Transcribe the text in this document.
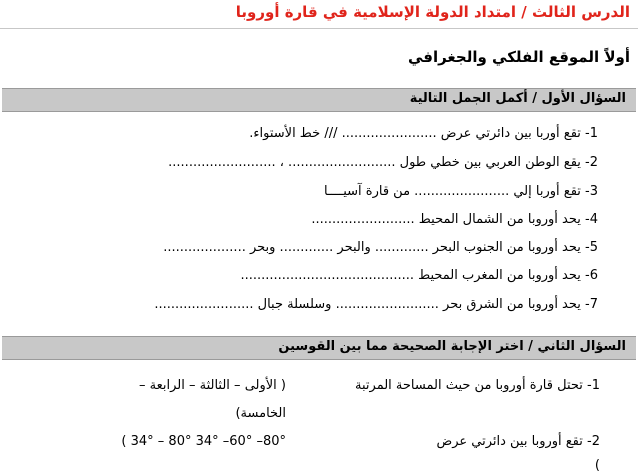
الدرس الثالث / امتداد الدولة الإسلامية في قارة أوروبا
أولاً الموقع الفلكي والجغرافي
السؤال الأول / أكمل الجمل التالية
1- تقع أوربا بين دائرتي عرض ....................... /// خط الأستواء.
2- يقع الوطن العربي بين خطي طول .......................... ، ..........................
3- تقع أوربا إلي ....................... من قارة آسيــــا
4- يحد أوروبا من الشمال المحيط .........................
5- يحد أوروبا من الجنوب البحر ............. والبحر ............. وبحر ....................
6- يحد أوروبا من المغرب المحيط ..........................................
7- يحد أوروبا من الشرق بحر ......................... وسلسلة جبال ........................
السؤال الثاني / اختر الإجابة الصحيحة مما بين القوسين
1- تحتل قارة أوروبا من حيث المساحة المرتبة
( الأولى – الثالثة – الرابعة –
الخامسة)
2- تقع أوروبا بين دائرتي عرض
( 34° – 80° 34° –60° –80°
)
